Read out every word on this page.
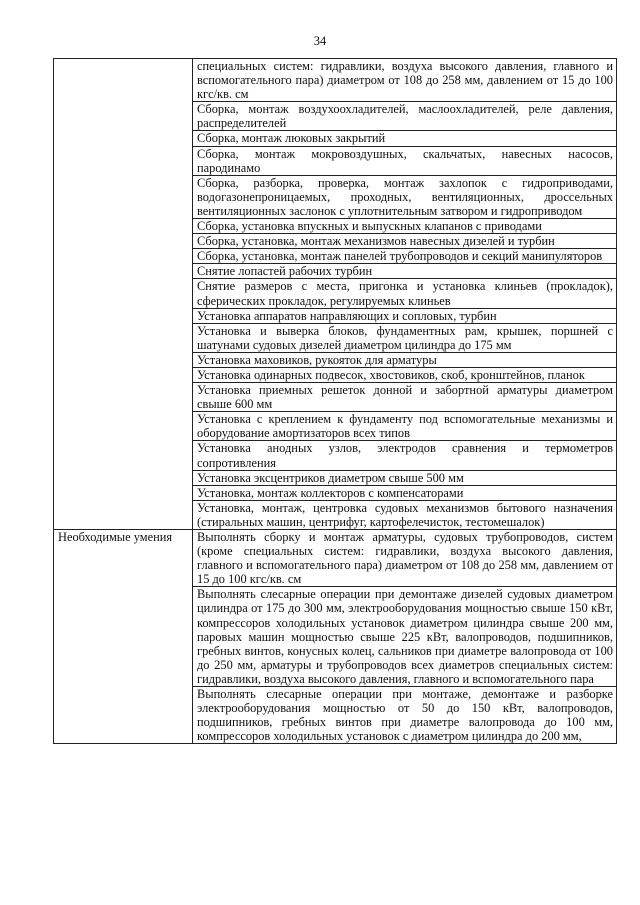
34
	специальных систем: гидравлики, воздуха высокого давления, главного и вспомогательного пара) диаметром от 108 до 258 мм, давлением от 15 до 100 кгс/кв. см
	Сборка, монтаж воздухоохладителей, маслоохладителей, реле давления, распределителей
	Сборка, монтаж люковых закрытий
	Сборка, монтаж мокровоздушных, скальчатых, навесных насосов, пародинамо
	Сборка, разборка, проверка, монтаж захлопок с гидроприводами, водогазонепроницаемых, проходных, вентиляционных, дроссельных вентиляционных заслонок с уплотнительным затвором и гидроприводом
	Сборка, установка впускных и выпускных клапанов с приводами
	Сборка, установка, монтаж механизмов навесных дизелей и турбин
	Сборка, установка, монтаж панелей трубопроводов и секций манипуляторов
	Снятие лопастей рабочих турбин
	Снятие размеров с места, пригонка и установка клиньев (прокладок), сферических прокладок, регулируемых клиньев
	Установка аппаратов направляющих и сопловых, турбин
	Установка и выверка блоков, фундаментных рам, крышек, поршней с шатунами судовых дизелей диаметром цилиндра до 175 мм
	Установка маховиков, рукояток для арматуры
	Установка одинарных подвесок, хвостовиков, скоб, кронштейнов, планок
	Установка приемных решеток донной и забортной арматуры диаметром свыше 600 мм
	Установка с креплением к фундаменту под вспомогательные механизмы и оборудование амортизаторов всех типов
	Установка анодных узлов, электродов сравнения и термометров сопротивления
	Установка эксцентриков диаметром свыше 500 мм
	Установка, монтаж коллекторов с компенсаторами
	Установка, монтаж, центровка судовых механизмов бытового назначения (стиральных машин, центрифуг, картофелечисток, тестомешалок)

Необходимые умения	Выполнять сборку и монтаж арматуры, судовых трубопроводов, систем (кроме специальных систем: гидравлики, воздуха высокого давления, главного и вспомогательного пара) диаметром от 108 до 258 мм, давлением от 15 до 100 кгс/кв. см
	Выполнять слесарные операции при демонтаже дизелей судовых диаметром цилиндра от 175 до 300 мм, электрооборудования мощностью свыше 150 кВт, компрессоров холодильных установок диаметром цилиндра свыше 200 мм, паровых машин мощностью свыше 225 кВт, валопроводов, подшипников, гребных винтов, конусных колец, сальников при диаметре валопровода от 100 до 250 мм, арматуры и трубопроводов всех диаметров специальных систем: гидравлики, воздуха высокого давления, главного и вспомогательного пара
	Выполнять слесарные операции при монтаже, демонтаже и разборке электрооборудования мощностью от 50 до 150 кВт, валопроводов, подшипников, гребных винтов при диаметре валопровода до 100 мм, компрессоров холодильных установок с диаметром цилиндра до 200 мм,
